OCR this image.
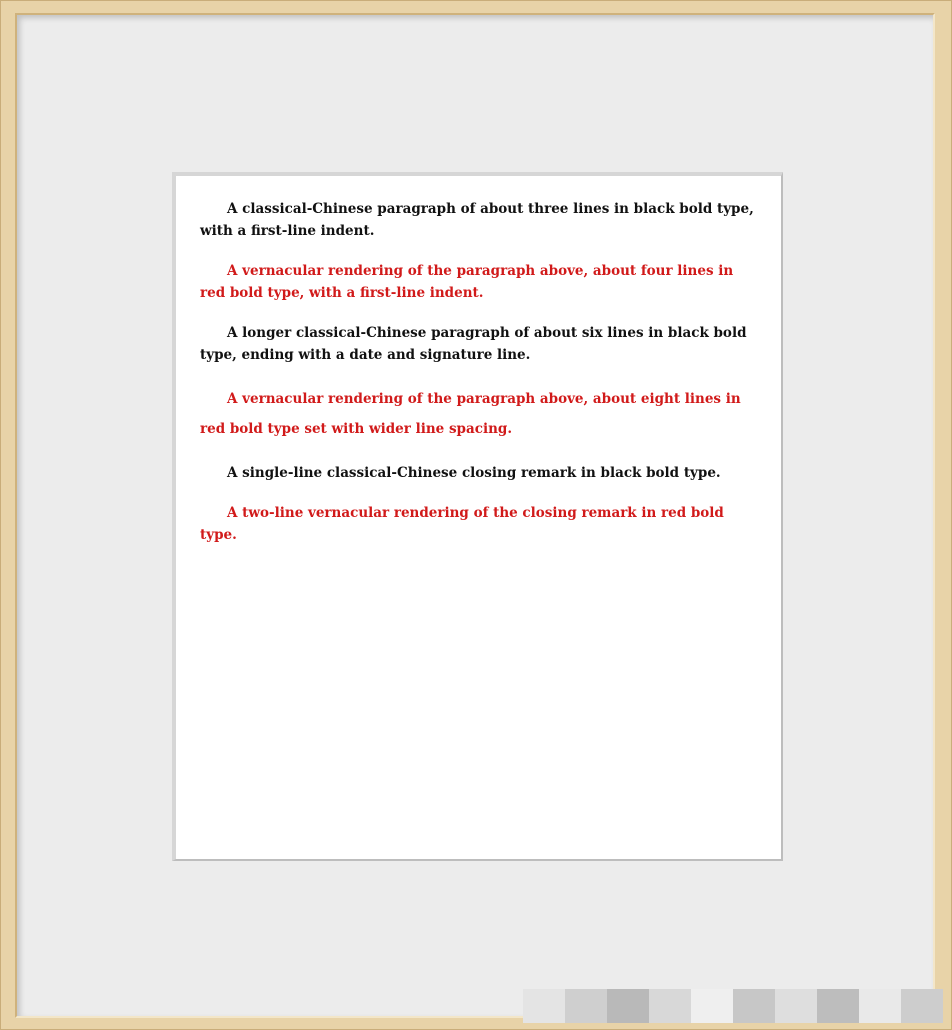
A classical-Chinese paragraph of about three lines in black bold type, with a first-line indent.

A vernacular rendering of the paragraph above, about four lines in red bold type, with a first-line indent.

A longer classical-Chinese paragraph of about six lines in black bold type, ending with a date and signature line.

A vernacular rendering of the paragraph above, about eight lines in red bold type set with wider line spacing.

A single-line classical-Chinese closing remark in black bold type.

A two-line vernacular rendering of the closing remark in red bold type.
